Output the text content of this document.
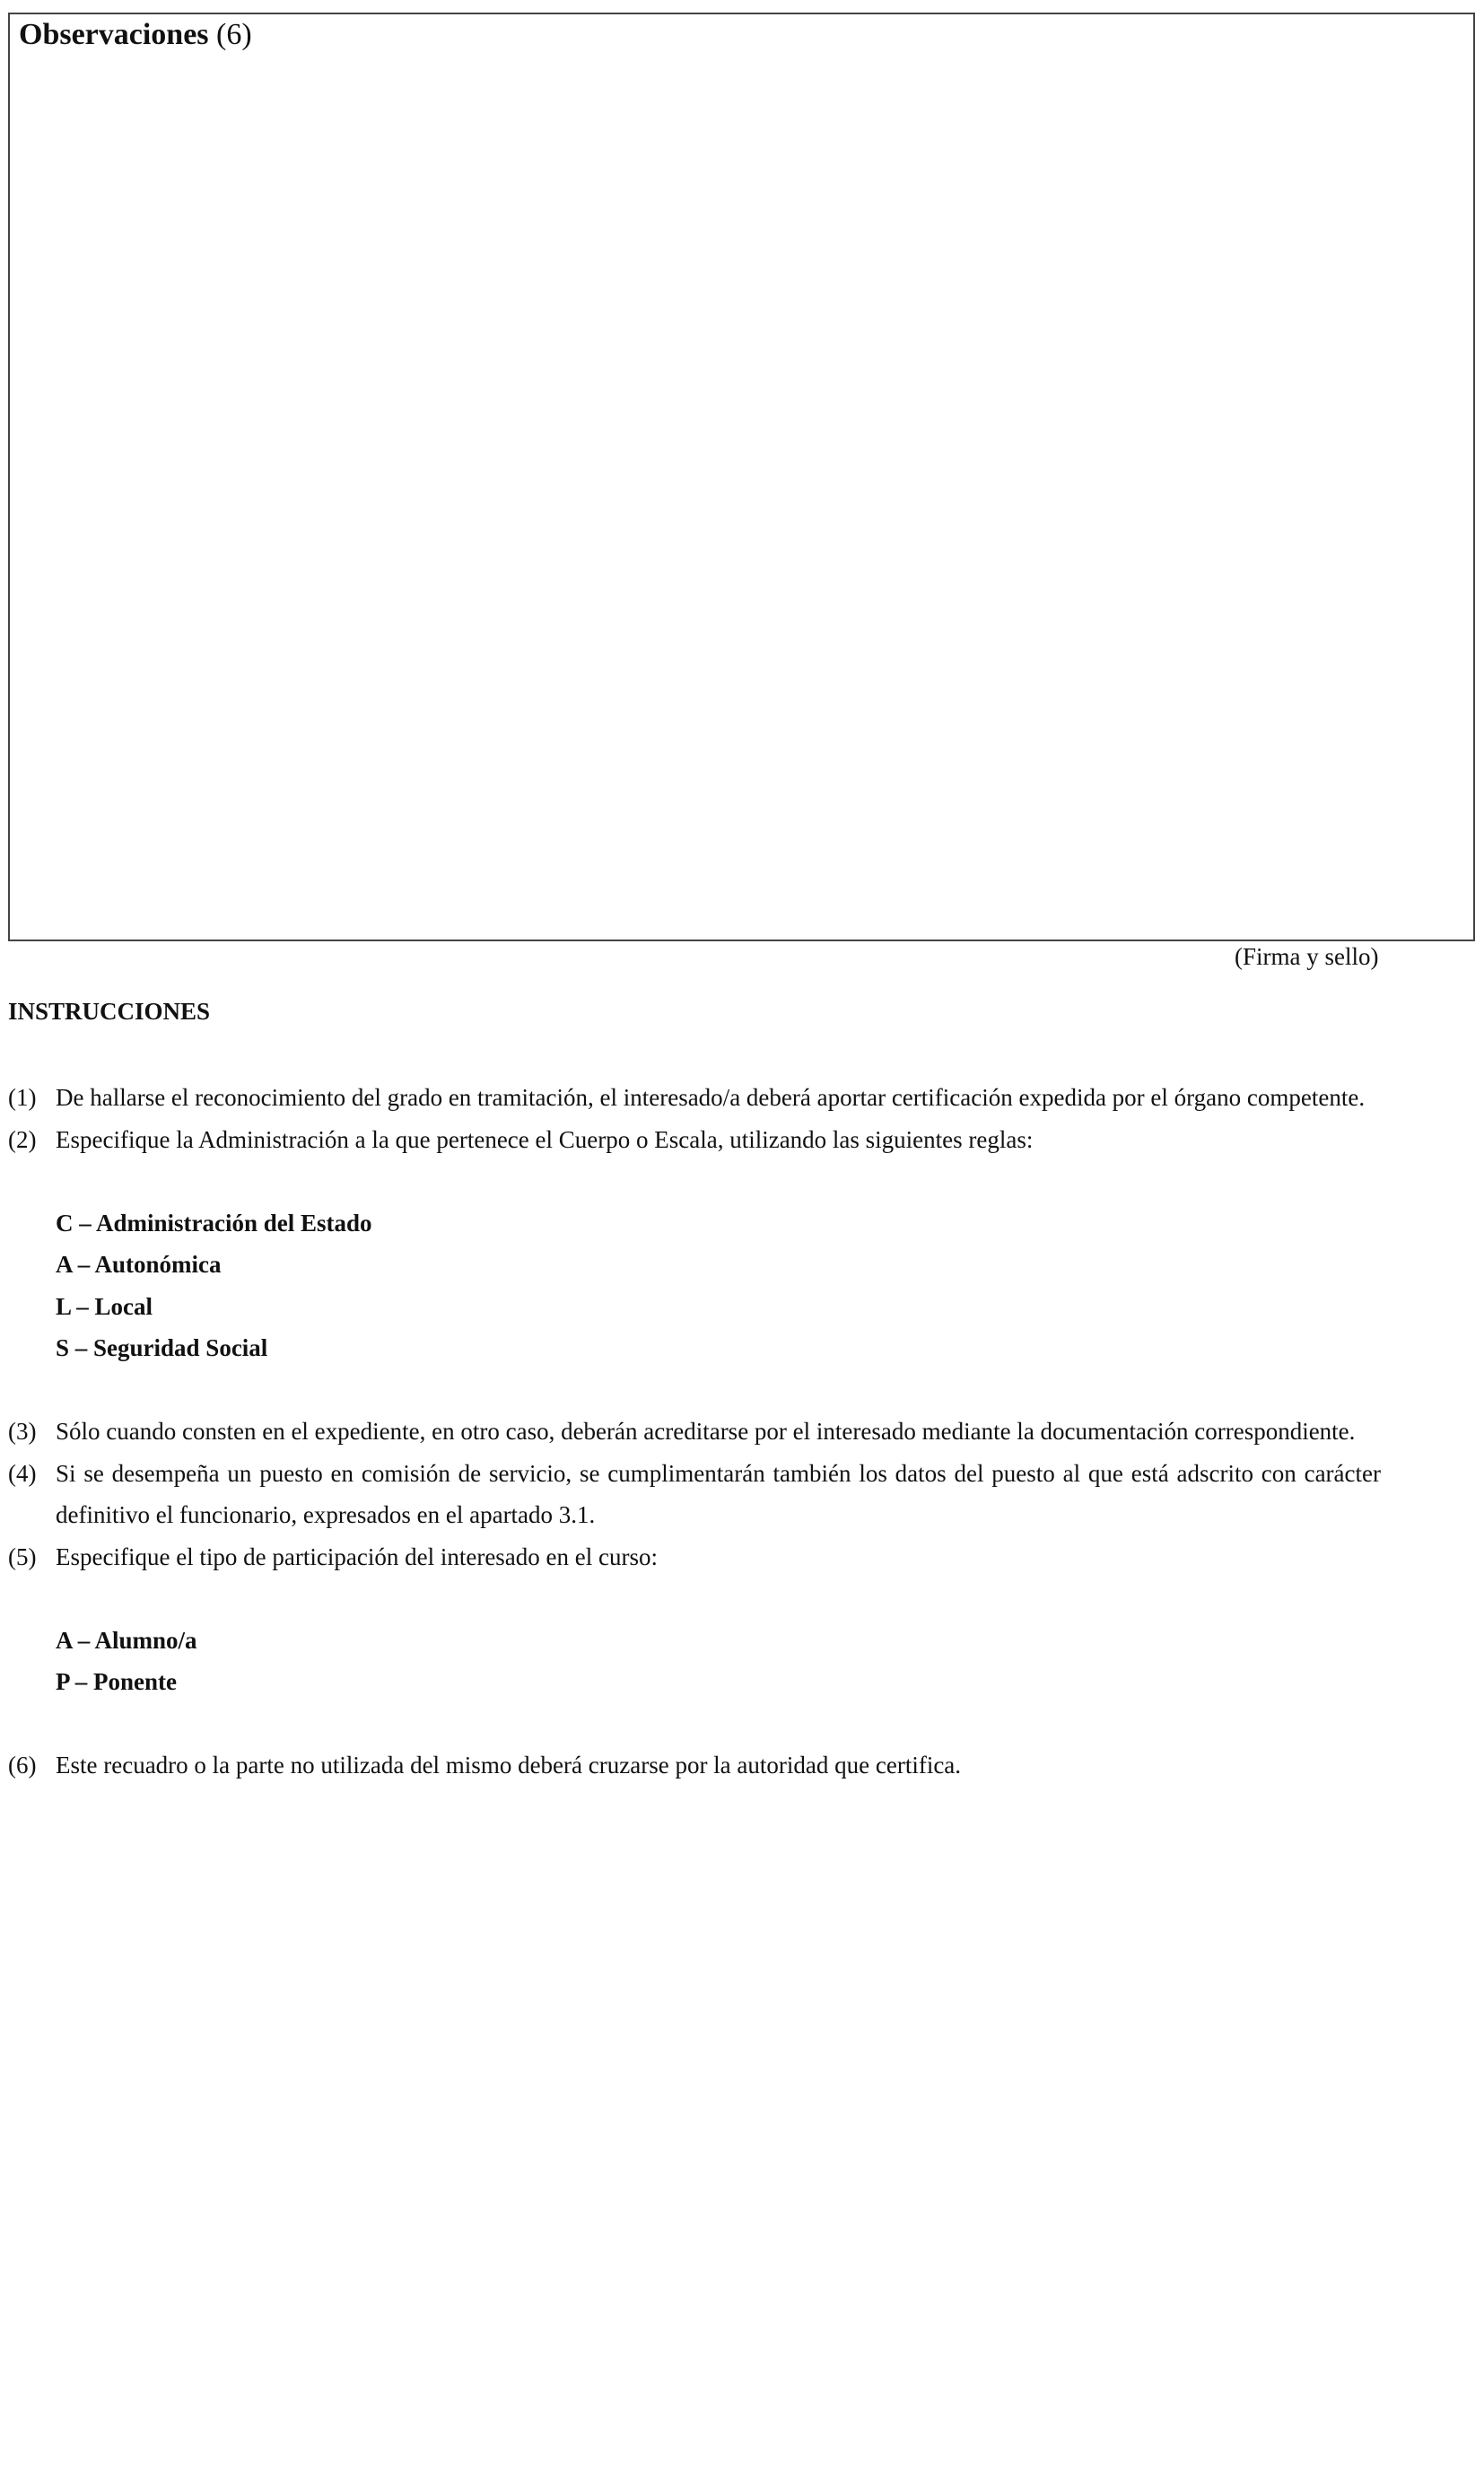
Observaciones (6)
(Firma y sello)
INSTRUCCIONES
(1) De hallarse el reconocimiento del grado en tramitación, el interesado/a deberá aportar certificación expedida por el órgano competente.
(2) Especifique la Administración a la que pertenece el Cuerpo o Escala, utilizando las siguientes reglas:
C – Administración del Estado
A – Autonómica
L – Local
S – Seguridad Social
(3) Sólo cuando consten en el expediente, en otro caso, deberán acreditarse por el interesado mediante la documentación correspondiente.
(4) Si se desempeña un puesto en comisión de servicio, se cumplimentarán también los datos del puesto al que está adscrito con carácter definitivo el funcionario, expresados en el apartado 3.1.
(5) Especifique el tipo de participación del interesado en el curso:
A – Alumno/a
P – Ponente
(6) Este recuadro o la parte no utilizada del mismo deberá cruzarse por la autoridad que certifica.
